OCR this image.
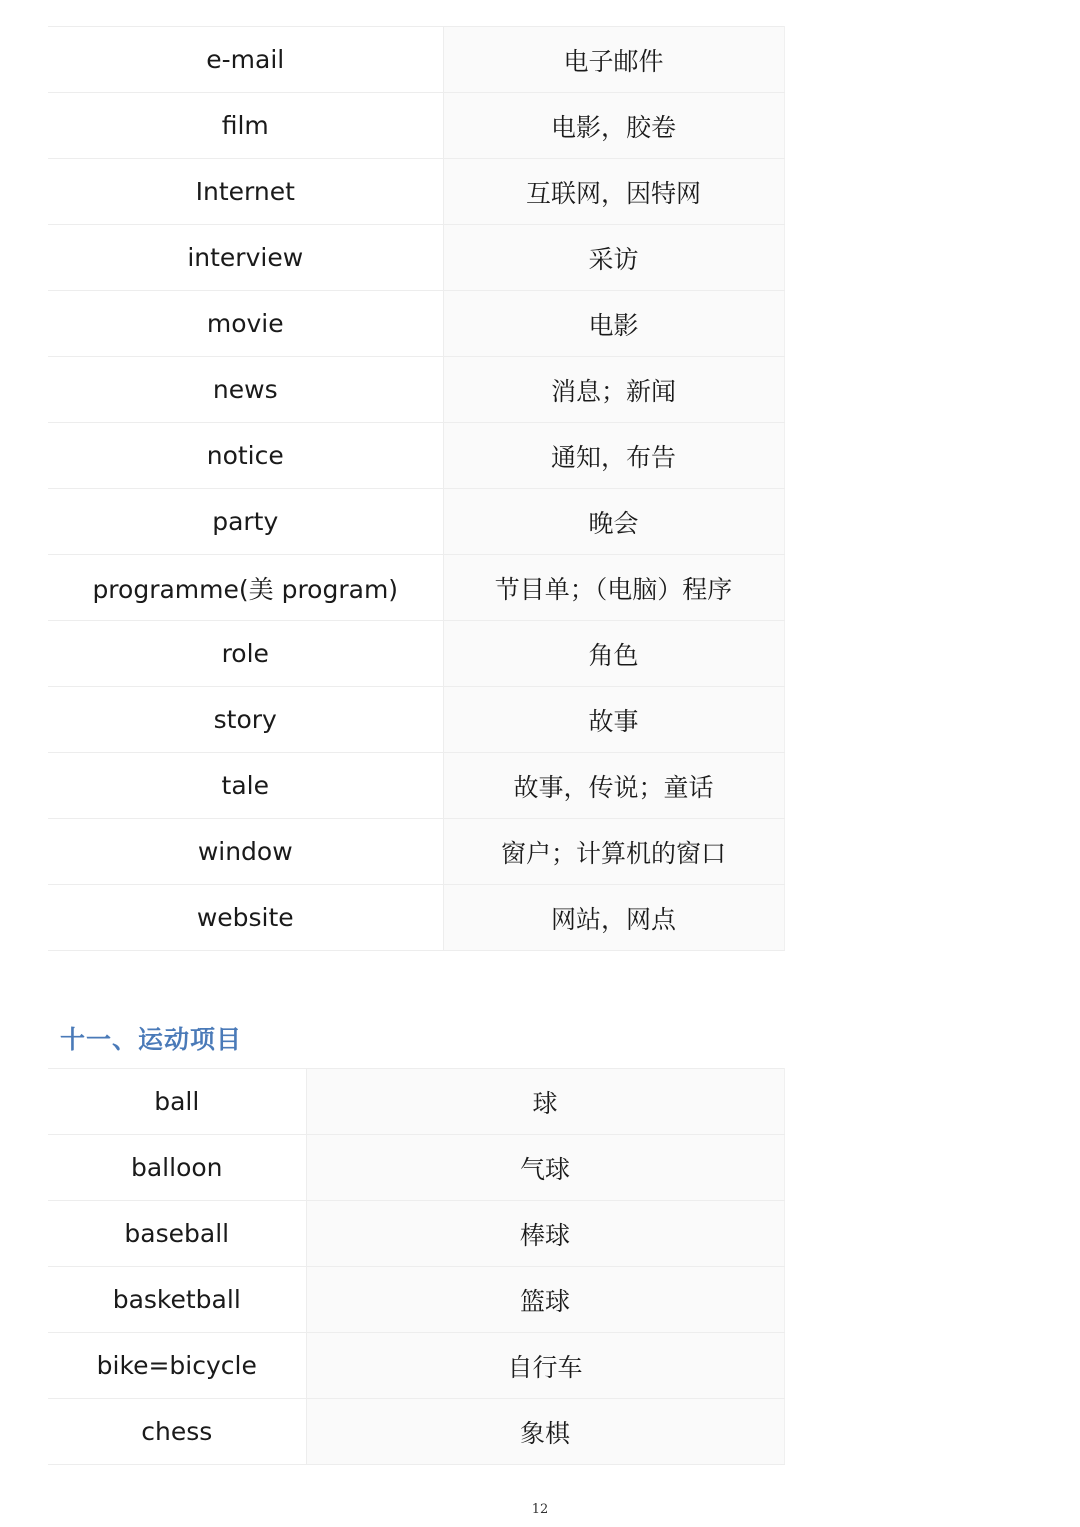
e-mail	电子邮件
film	电影，胶卷
Internet	互联网，因特网
interview	采访
movie	电影
news	消息；新闻
notice	通知，布告
party	晚会
programme(美 program)	节目单；（电脑）程序
role	角色
story	故事
tale	故事，传说；童话
window	窗户；计算机的窗口
website	网站，网点
十一、运动项目
ball	球
balloon	气球
baseball	棒球
basketball	篮球
bike=bicycle	自行车
chess	象棋
12
